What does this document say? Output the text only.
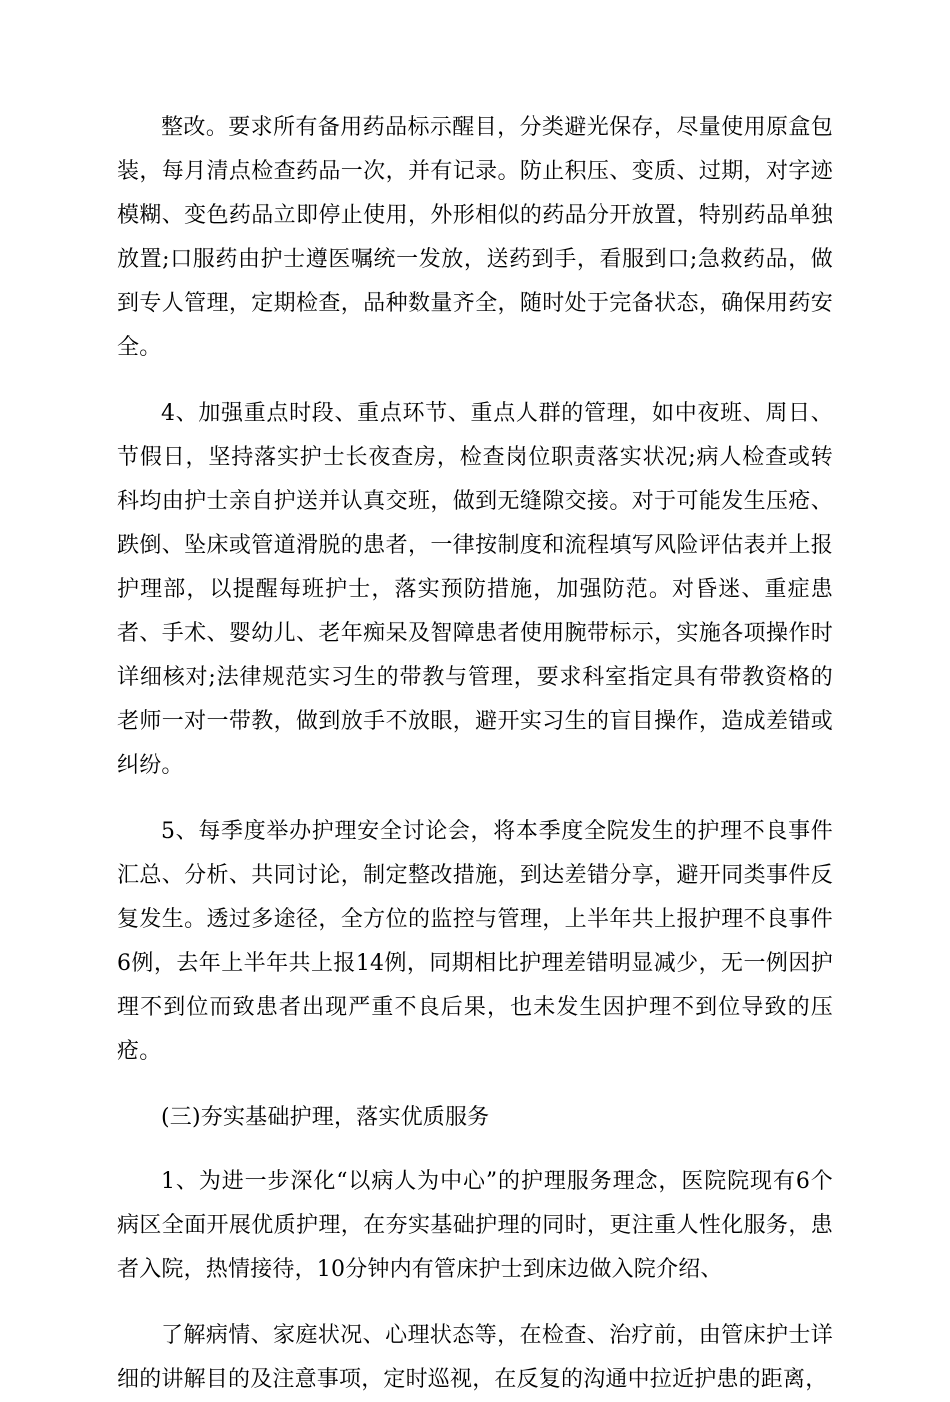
整改。要求所有备用药品标示醒目，分类避光保存，尽量使用原盒包装，每月清点检查药品一次，并有记录。防止积压、变质、过期，对字迹模糊、变色药品立即停止使用，外形相似的药品分开放置，特别药品单独放置;口服药由护士遵医嘱统一发放，送药到手，看服到口;急救药品，做到专人管理，定期检查，品种数量齐全，随时处于完备状态，确保用药安全。

4、加强重点时段、重点环节、重点人群的管理，如中夜班、周日、节假日，坚持落实护士长夜查房，检查岗位职责落实状况;病人检查或转科均由护士亲自护送并认真交班，做到无缝隙交接。对于可能发生压疮、跌倒、坠床或管道滑脱的患者，一律按制度和流程填写风险评估表并上报护理部，以提醒每班护士，落实预防措施，加强防范。对昏迷、重症患者、手术、婴幼儿、老年痴呆及智障患者使用腕带标示，实施各项操作时详细核对;法律规范实习生的带教与管理，要求科室指定具有带教资格的老师一对一带教，做到放手不放眼，避开实习生的盲目操作，造成差错或纠纷。

5、每季度举办护理安全讨论会，将本季度全院发生的护理不良事件汇总、分析、共同讨论，制定整改措施，到达差错分享，避开同类事件反复发生。透过多途径，全方位的监控与管理，上半年共上报护理不良事件6例，去年上半年共上报14例，同期相比护理差错明显减少，无一例因护理不到位而致患者出现严重不良后果，也未发生因护理不到位导致的压疮。

(三)夯实基础护理，落实优质服务

1、为进一步深化“以病人为中心”的护理服务理念，医院院现有6个病区全面开展优质护理，在夯实基础护理的同时，更注重人性化服务，患者入院，热情接待，10分钟内有管床护士到床边做入院介绍、

了解病情、家庭状况、心理状态等，在检查、治疗前，由管床护士详细的讲解目的及注意事项，定时巡视，在反复的沟通中拉近护患的距离，
